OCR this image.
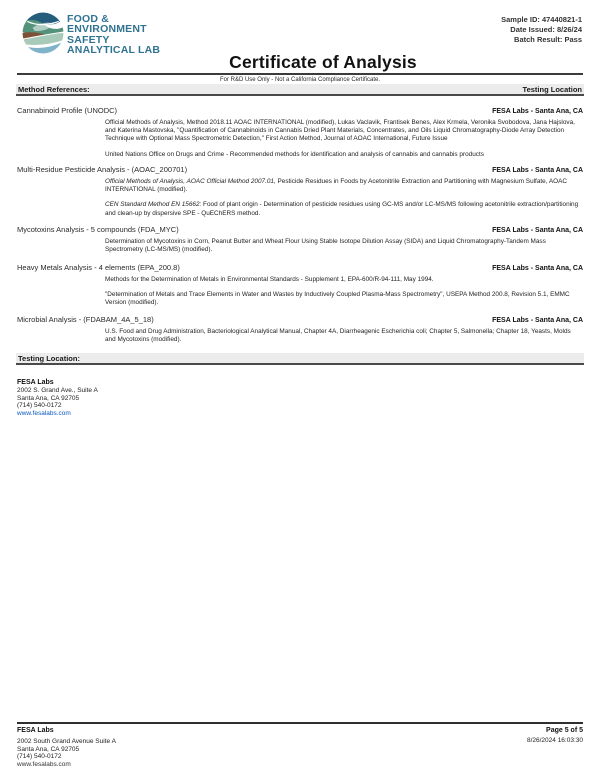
FOOD &
ENVIRONMENT
SAFETY
ANALYTICAL LAB
Sample ID: 47440821-1
Date Issued: 8/26/24
Batch Result: Pass
Certificate of Analysis
For R&D Use Only - Not a California Compliance Certificate.
Method References:	Testing Location
Cannabinoid Profile (UNODC)	FESA Labs - Santa Ana, CA

Official Methods of Analysis, Method 2018.11 AOAC INTERNATIONAL (modified), Lukas Vaclavik, Frantisek Benes, Alex Krmela, Veronika Svobodova, Jana Hajslova, and Katerina Mastovska, "Quantification of Cannabinoids in Cannabis Dried Plant Materials, Concentrates, and Oils Liquid Chromatography-Diode Array Detection Technique with Optional Mass Spectrometric Detection," First Action Method, Journal of AOAC International, Future Issue

United Nations Office on Drugs and Crime - Recommended methods for identification and analysis of cannabis and cannabis products

Multi-Residue Pesticide Analysis - (AOAC_200701)	FESA Labs - Santa Ana, CA

Official Methods of Analysis, AOAC Official Method 2007.01, Pesticide Residues in Foods by Acetonitrile Extraction and Partitioning with Magnesium Sulfate, AOAC INTERNATIONAL (modified).

CEN Standard Method EN 15662: Food of plant origin - Determination of pesticide residues using GC-MS and/or LC-MS/MS following acetonitrile extraction/partitioning and clean-up by dispersive SPE - QuEChERS method.

Mycotoxins Analysis - 5 compounds (FDA_MYC)	FESA Labs - Santa Ana, CA

Determination of Mycotoxins in Corn, Peanut Butter and Wheat Flour Using Stable Isotope Dilution Assay (SIDA) and Liquid Chromatography-Tandem Mass Spectrometry (LC-MS/MS) (modified).

Heavy Metals Analysis - 4 elements (EPA_200.8)	FESA Labs - Santa Ana, CA

Methods for the Determination of Metals in Environmental Standards - Supplement 1, EPA-600/R-94-111, May 1994.

"Determination of Metals and Trace Elements in Water and Wastes by Inductively Coupled Plasma-Mass Spectrometry", USEPA Method 200.8, Revision 5.1, EMMC Version (modified).

Microbial Analysis - (FDABAM_4A_5_18)	FESA Labs - Santa Ana, CA

U.S. Food and Drug Administration, Bacteriological Analytical Manual, Chapter 4A, Diarrheagenic Escherichia coli; Chapter 5, Salmonella; Chapter 18, Yeasts, Molds and Mycotoxins (modified).

Testing Location:
FESA Labs
2002 S. Grand Ave., Suite A
Santa Ana, CA 92705
(714) 540-0172
www.fesalabs.com
FESA Labs
2002 South Grand Avenue Suite A
Santa Ana, CA 92705
(714) 540-0172
www.fesalabs.com
Page 5 of 5
8/26/2024 16:03:30
